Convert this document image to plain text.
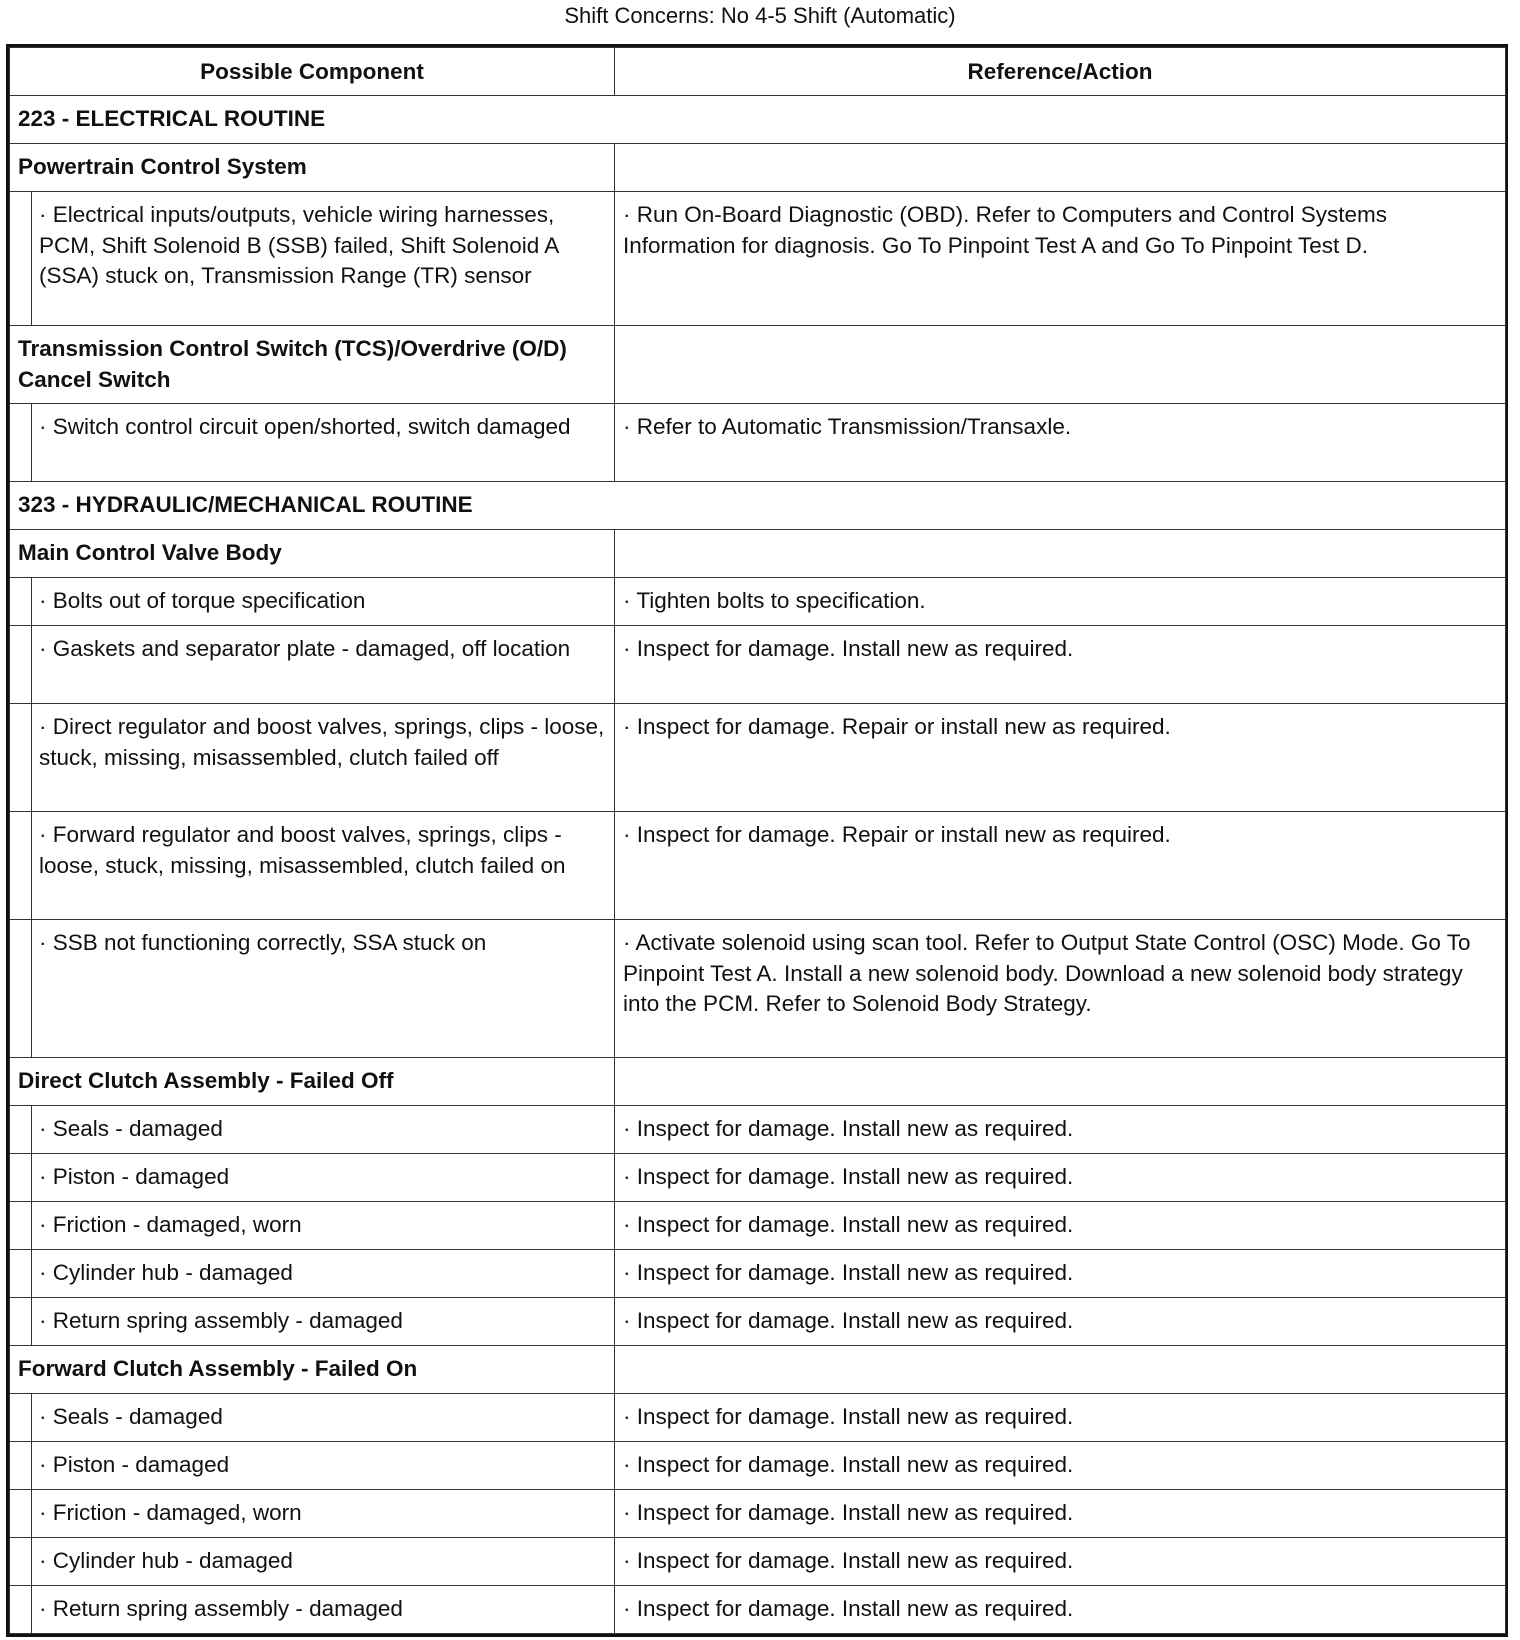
Shift Concerns: No 4-5 Shift (Automatic)
Possible Component		Reference/Action
223 - ELECTRICAL ROUTINE		
Powertrain Control System		
	· Electrical inputs/outputs, vehicle wiring harnesses, PCM, Shift Solenoid B (SSB) failed, Shift Solenoid A (SSA) stuck on, Transmission Range (TR) sensor	· Run On-Board Diagnostic (OBD). Refer to Computers and Control Systems Information for diagnosis. Go To Pinpoint Test A and Go To Pinpoint Test D.
Transmission Control Switch (TCS)/Overdrive (O/D) Cancel Switch		
	· Switch control circuit open/shorted, switch damaged	· Refer to Automatic Transmission/Transaxle.
323 - HYDRAULIC/MECHANICAL ROUTINE		
Main Control Valve Body		
	· Bolts out of torque specification	· Tighten bolts to specification.
	· Gaskets and separator plate - damaged, off location	· Inspect for damage. Install new as required.
	· Direct regulator and boost valves, springs, clips - loose, stuck, missing, misassembled, clutch failed off	· Inspect for damage. Repair or install new as required.
	· Forward regulator and boost valves, springs, clips - loose, stuck, missing, misassembled, clutch failed on	· Inspect for damage. Repair or install new as required.
	· SSB not functioning correctly, SSA stuck on	· Activate solenoid using scan tool. Refer to Output State Control (OSC) Mode. Go To Pinpoint Test A. Install a new solenoid body. Download a new solenoid body strategy into the PCM. Refer to Solenoid Body Strategy.
Direct Clutch Assembly - Failed Off		
	· Seals - damaged	· Inspect for damage. Install new as required.
	· Piston - damaged	· Inspect for damage. Install new as required.
	· Friction - damaged, worn	· Inspect for damage. Install new as required.
	· Cylinder hub - damaged	· Inspect for damage. Install new as required.
	· Return spring assembly - damaged	· Inspect for damage. Install new as required.
Forward Clutch Assembly - Failed On		
	· Seals - damaged	· Inspect for damage. Install new as required.
	· Piston - damaged	· Inspect for damage. Install new as required.
	· Friction - damaged, worn	· Inspect for damage. Install new as required.
	· Cylinder hub - damaged	· Inspect for damage. Install new as required.
	· Return spring assembly - damaged	· Inspect for damage. Install new as required.
